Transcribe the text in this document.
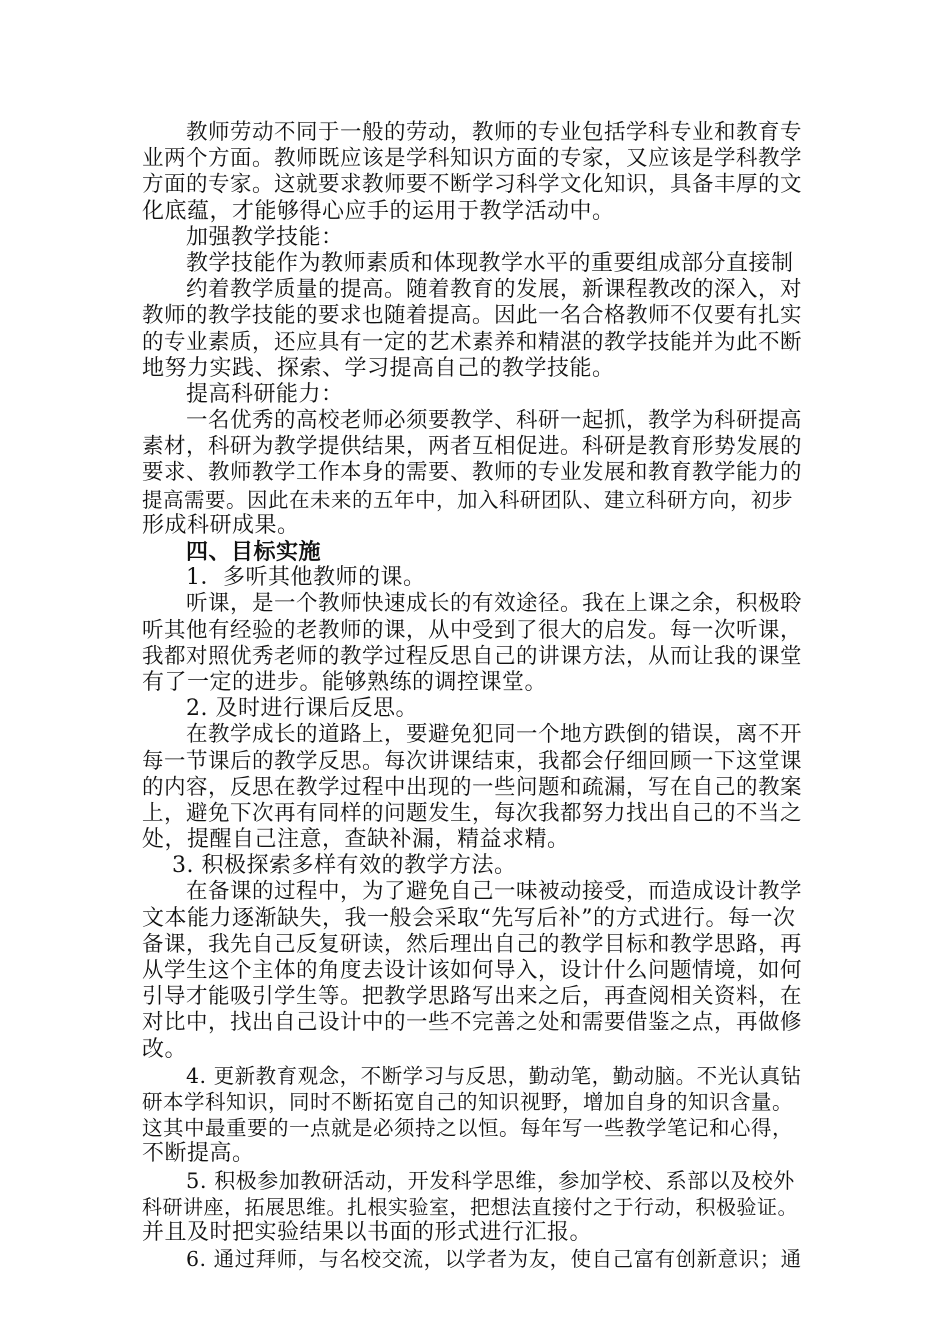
教师劳动不同于一般的劳动，教师的专业包括学科专业和教育专
业两个方面。教师既应该是学科知识方面的专家，又应该是学科教学
方面的专家。这就要求教师要不断学习科学文化知识，具备丰厚的文
化底蕴，才能够得心应手的运用于教学活动中。
加强教学技能：
教学技能作为教师素质和体现教学水平的重要组成部分直接制
约着教学质量的提高。随着教育的发展，新课程教改的深入，对
教师的教学技能的要求也随着提高。因此一名合格教师不仅要有扎实
的专业素质，还应具有一定的艺术素养和精湛的教学技能并为此不断
地努力实践、探索、学习提高自己的教学技能。
提高科研能力：
一名优秀的高校老师必须要教学、科研一起抓，教学为科研提高
素材，科研为教学提供结果，两者互相促进。科研是教育形势发展的
要求、教师教学工作本身的需要、教师的专业发展和教育教学能力的
提高需要。因此在未来的五年中，加入科研团队、建立科研方向，初步
形成科研成果。
四、目标实施
1．多听其他教师的课。
听课，是一个教师快速成长的有效途径。我在上课之余，积极聆
听其他有经验的老教师的课，从中受到了很大的启发。每一次听课，
我都对照优秀老师的教学过程反思自己的讲课方法，从而让我的课堂
有了一定的进步。能够熟练的调控课堂。
2. 及时进行课后反思。
在教学成长的道路上，要避免犯同一个地方跌倒的错误，离不开
每一节课后的教学反思。每次讲课结束，我都会仔细回顾一下这堂课
的内容，反思在教学过程中出现的一些问题和疏漏，写在自己的教案
上，避免下次再有同样的问题发生，每次我都努力找出自己的不当之
处，提醒自己注意，查缺补漏，精益求精。
3. 积极探索多样有效的教学方法。
在备课的过程中，为了避免自己一味被动接受，而造成设计教学
文本能力逐渐缺失，我一般会采取“先写后补”的方式进行。每一次
备课，我先自己反复研读，然后理出自己的教学目标和教学思路，再
从学生这个主体的角度去设计该如何导入，设计什么问题情境，如何
引导才能吸引学生等。把教学思路写出来之后，再查阅相关资料，在
对比中，找出自己设计中的一些不完善之处和需要借鉴之点，再做修
改。
4. 更新教育观念，不断学习与反思，勤动笔，勤动脑。不光认真钻
研本学科知识，同时不断拓宽自己的知识视野，增加自身的知识含量。
这其中最重要的一点就是必须持之以恒。每年写一些教学笔记和心得，
不断提高。
5. 积极参加教研活动，开发科学思维，参加学校、系部以及校外
科研讲座，拓展思维。扎根实验室，把想法直接付之于行动，积极验证。
并且及时把实验结果以书面的形式进行汇报。
6. 通过拜师，与名校交流，以学者为友，使自己富有创新意识；通
